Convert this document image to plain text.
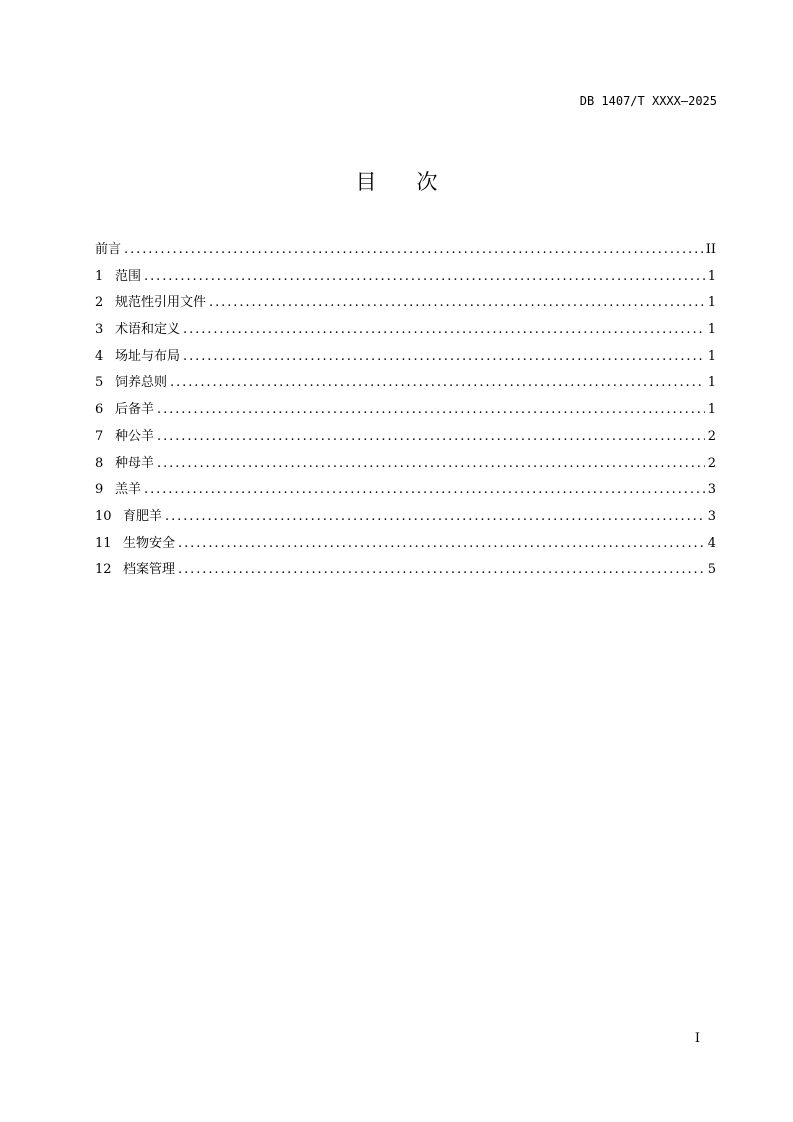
DB 1407/T XXXX—2025
目 次
前言 . . .	II
1 范围 . . .	1
2 规范性引用文件 . . .	1
3 术语和定义 . . .	1
4 场址与布局 . . .	1
5 饲养总则 . . .	1
6 后备羊 . . .	1
7 种公羊 . . .	2
8 种母羊 . . .	2
9 羔羊 . . .	3
10 育肥羊 . . .	3
11 生物安全 . . .	4
12 档案管理 . . .	5
I
